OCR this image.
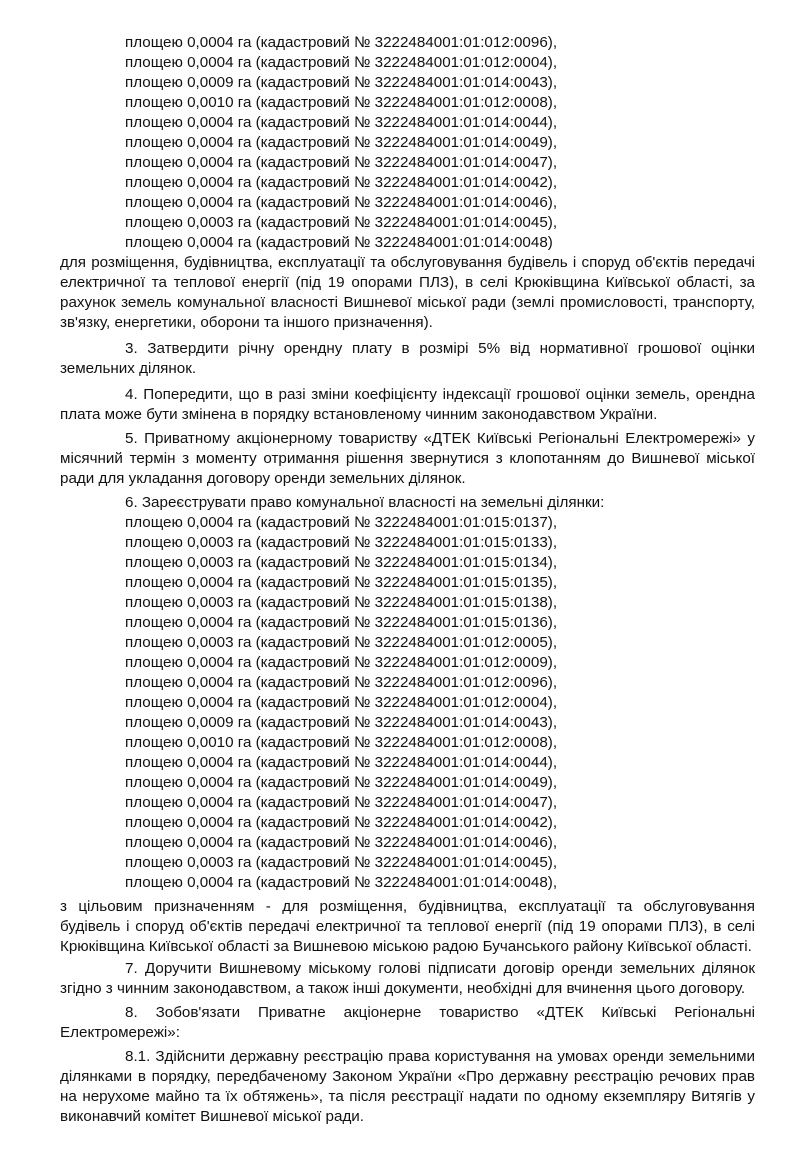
площею 0,0004 га (кадастровий № 3222484001:01:012:0096),
площею 0,0004 га (кадастровий № 3222484001:01:012:0004),
площею 0,0009 га (кадастровий № 3222484001:01:014:0043),
площею 0,0010 га (кадастровий № 3222484001:01:012:0008),
площею 0,0004 га (кадастровий № 3222484001:01:014:0044),
площею 0,0004 га (кадастровий № 3222484001:01:014:0049),
площею 0,0004 га (кадастровий № 3222484001:01:014:0047),
площею 0,0004 га (кадастровий № 3222484001:01:014:0042),
площею 0,0004 га (кадастровий № 3222484001:01:014:0046),
площею 0,0003 га (кадастровий № 3222484001:01:014:0045),
площею 0,0004 га (кадастровий № 3222484001:01:014:0048)

для розміщення, будівництва, експлуатації та обслуговування будівель і споруд об'єктів передачі електричної та теплової енергії (під 19 опорами ПЛЗ), в селі Крюківщина Київської області, за рахунок земель комунальної власності Вишневої міської ради (землі промисловості, транспорту, зв'язку, енергетики, оборони та іншого призначення).

3. Затвердити річну орендну плату в розмірі 5% від нормативної грошової оцінки земельних ділянок.

4. Попередити, що в разі зміни коефіцієнту індексації грошової оцінки земель, орендна плата може бути змінена в порядку встановленому чинним законодавством України.

5. Приватному акціонерному товариству «ДТЕК Київські Регіональні Електромережі» у місячний термін з моменту отримання рішення звернутися з клопотанням до Вишневої міської ради для укладання договору оренди земельних ділянок.

6. Зареєструвати право комунальної власності на земельні ділянки:

площею 0,0004 га (кадастровий № 3222484001:01:015:0137),
площею 0,0003 га (кадастровий № 3222484001:01:015:0133),
площею 0,0003 га (кадастровий № 3222484001:01:015:0134),
площею 0,0004 га (кадастровий № 3222484001:01:015:0135),
площею 0,0003 га (кадастровий № 3222484001:01:015:0138),
площею 0,0004 га (кадастровий № 3222484001:01:015:0136),
площею 0,0003 га (кадастровий № 3222484001:01:012:0005),
площею 0,0004 га (кадастровий № 3222484001:01:012:0009),
площею 0,0004 га (кадастровий № 3222484001:01:012:0096),
площею 0,0004 га (кадастровий № 3222484001:01:012:0004),
площею 0,0009 га (кадастровий № 3222484001:01:014:0043),
площею 0,0010 га (кадастровий № 3222484001:01:012:0008),
площею 0,0004 га (кадастровий № 3222484001:01:014:0044),
площею 0,0004 га (кадастровий № 3222484001:01:014:0049),
площею 0,0004 га (кадастровий № 3222484001:01:014:0047),
площею 0,0004 га (кадастровий № 3222484001:01:014:0042),
площею 0,0004 га (кадастровий № 3222484001:01:014:0046),
площею 0,0003 га (кадастровий № 3222484001:01:014:0045),
площею 0,0004 га (кадастровий № 3222484001:01:014:0048),

з цільовим призначенням - для розміщення, будівництва, експлуатації та обслуговування будівель і споруд об'єктів передачі електричної та теплової енергії (під 19 опорами ПЛЗ), в селі Крюківщина Київської області за Вишневою міською радою Бучанського району Київської області.

7. Доручити Вишневому міському голові підписати договір оренди земельних ділянок згідно з чинним законодавством, а також інші документи, необхідні для вчинення цього договору.

8. Зобов'язати Приватне акціонерне товариство «ДТЕК Київські Регіональні Електромережі»:

8.1. Здійснити державну реєстрацію права користування на умовах оренди земельними ділянками в порядку, передбаченому Законом України «Про державну реєстрацію речових прав на нерухоме майно та їх обтяжень», та після реєстрації надати по одному екземпляру Витягів у виконавчий комітет Вишневої міської ради.
